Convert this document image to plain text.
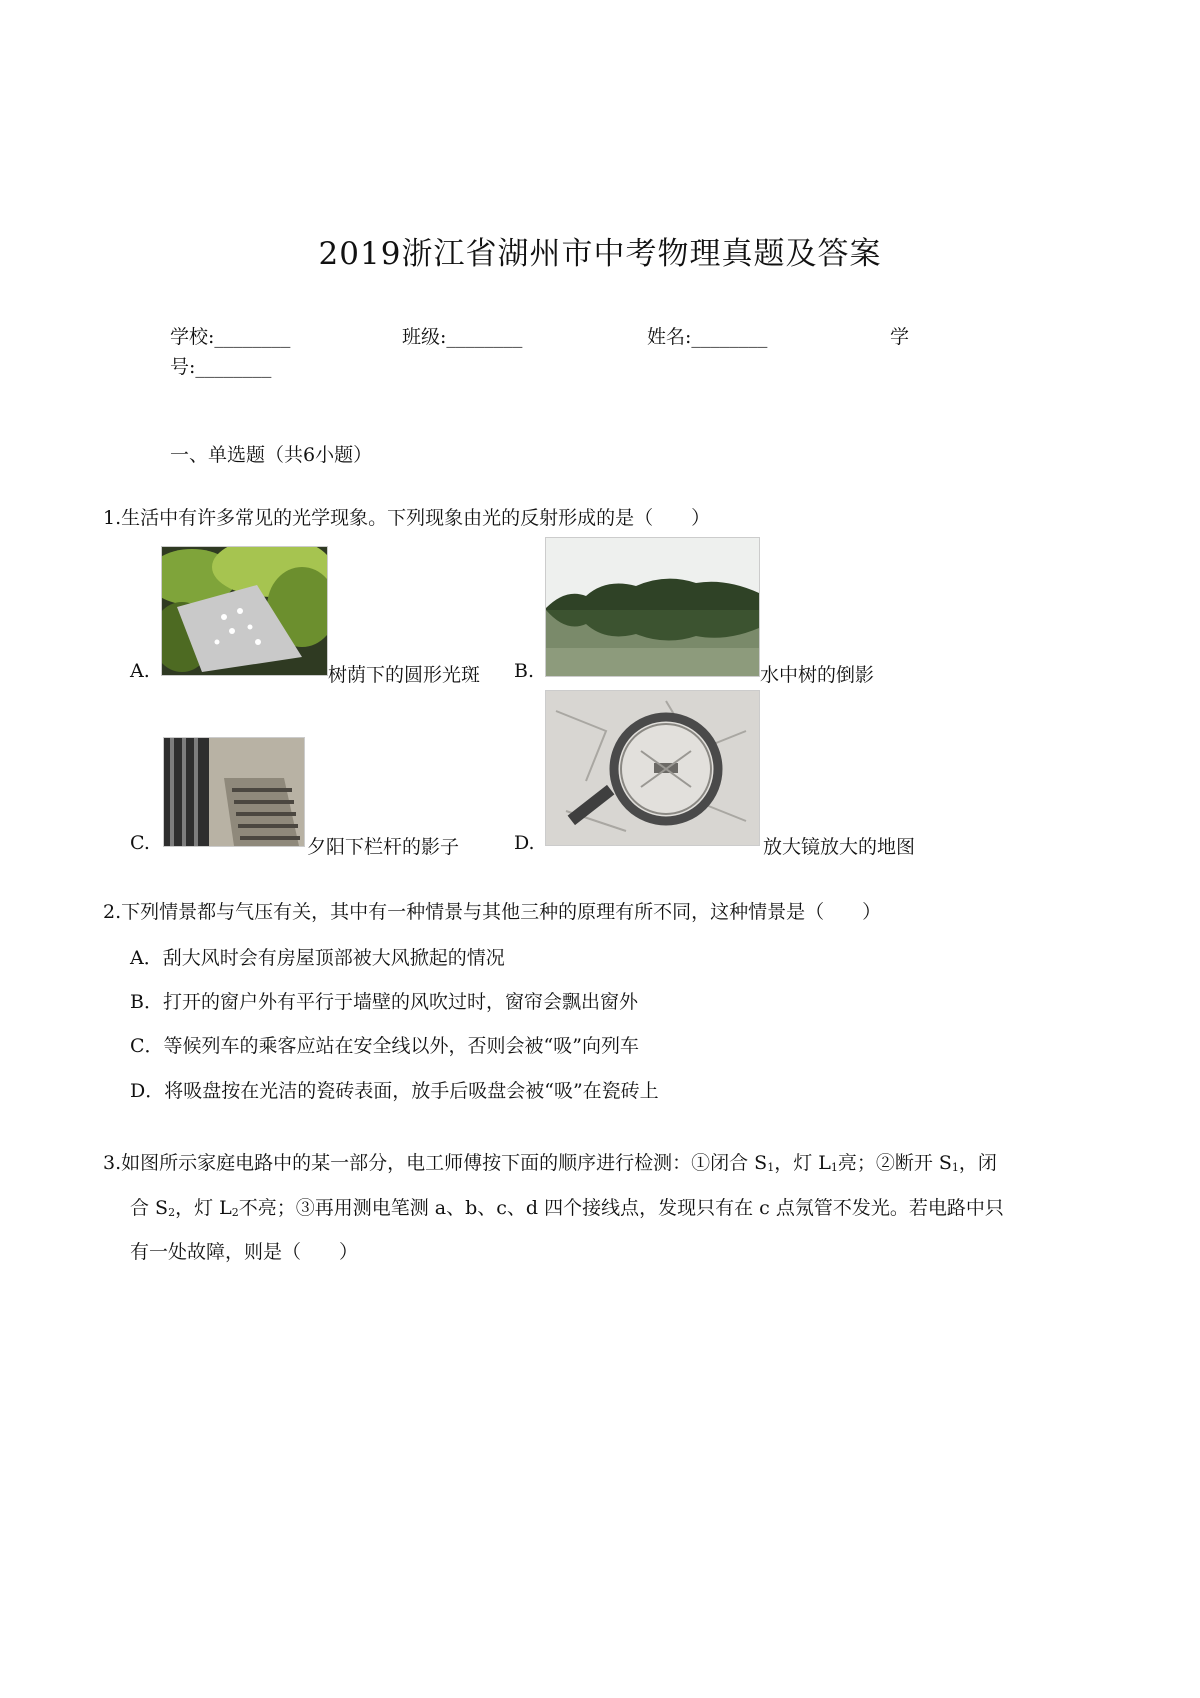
2019浙江省湖州市中考物理真题及答案
学校:________	班级:________	姓名:________	学
号:________
一、单选题（共6小题）
1.生活中有许多常见的光学现象。下列现象由光的反射形成的是（　　）
A.	树荫下的圆形光斑 B.	水中树的倒影
C.	夕阳下栏杆的影子	D.	放大镜放大的地图
2.下列情景都与气压有关，其中有一种情景与其他三种的原理有所不同，这种情景是（　　）
A．刮大风时会有房屋顶部被大风掀起的情况
B．打开的窗户外有平行于墙壁的风吹过时，窗帘会飘出窗外
C．等候列车的乘客应站在安全线以外，否则会被“吸”向列车
D．将吸盘按在光洁的瓷砖表面，放手后吸盘会被“吸”在瓷砖上
3.如图所示家庭电路中的某一部分，电工师傅按下面的顺序进行检测：①闭合 $S_1$，灯 $L_1$亮；②断开 $S_1$，闭
合 $S_2$，灯 $L_2$不亮；③再用测电笔测 a、b、c、d 四个接线点，发现只有在 c 点氖管不发光。若电路中只
有一处故障，则是（　　）
